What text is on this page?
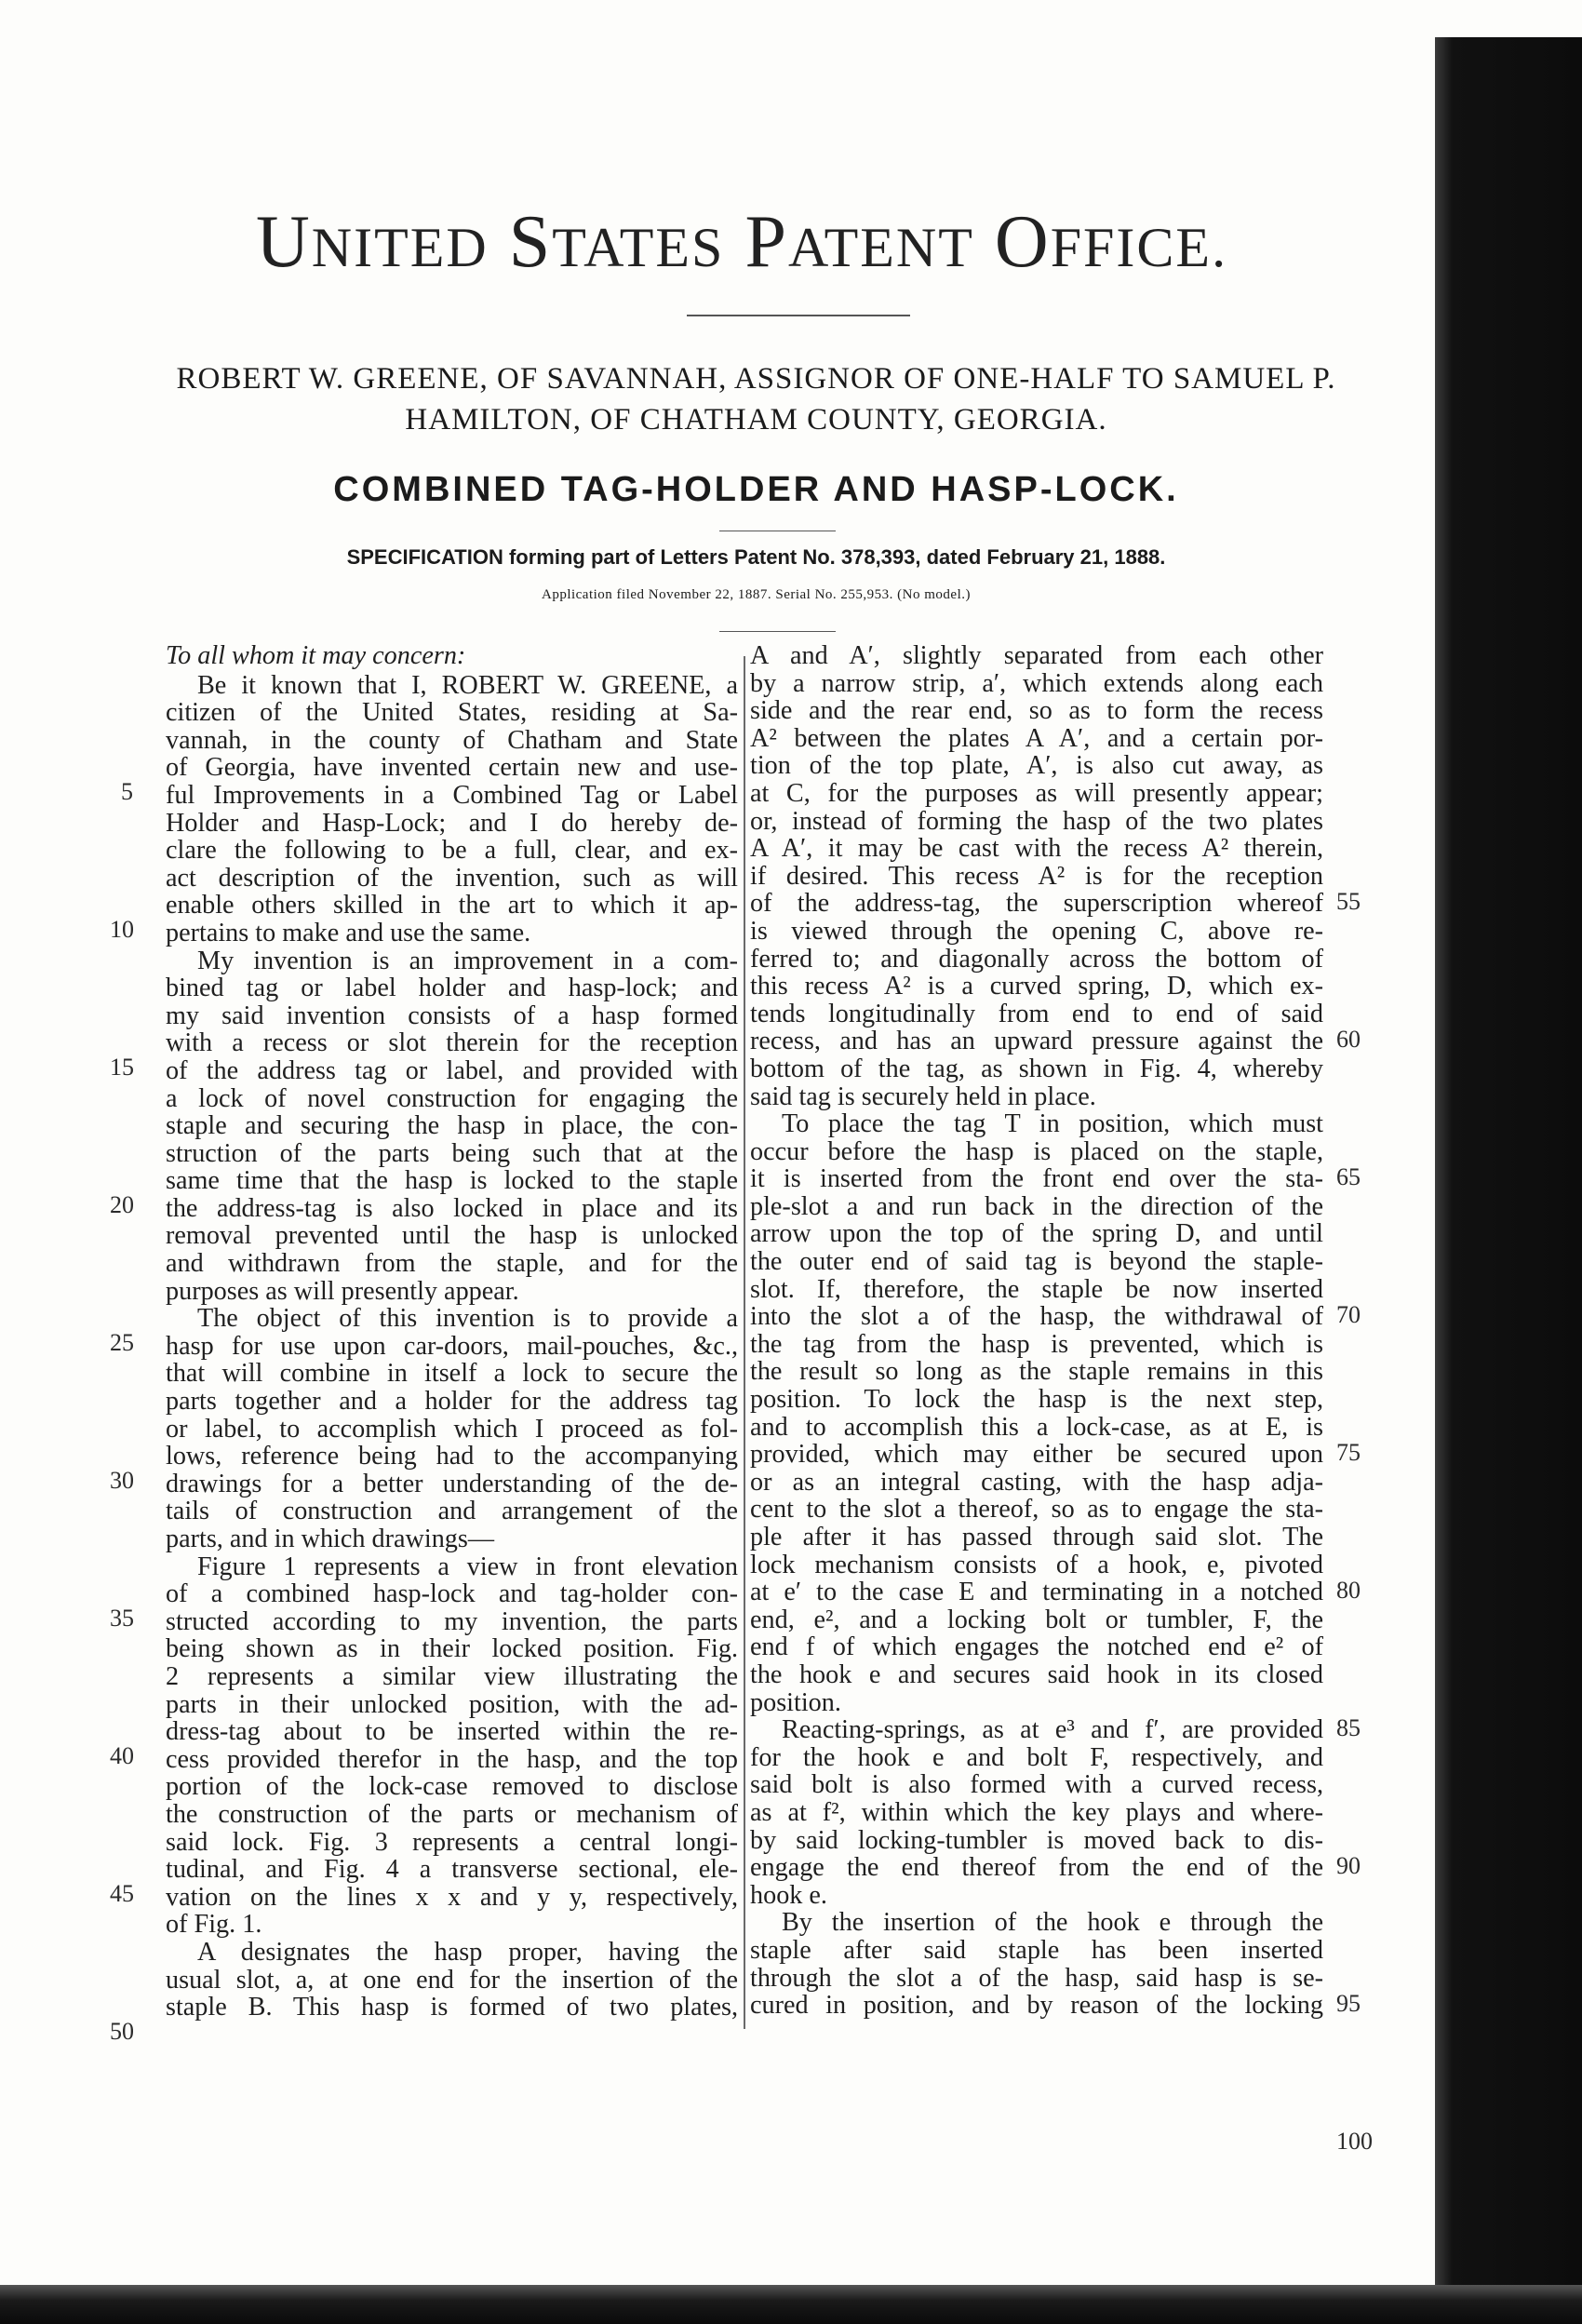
UNITED STATES PATENT OFFICE.
ROBERT W. GREENE, OF SAVANNAH, ASSIGNOR OF ONE-HALF TO SAMUEL P. HAMILTON, OF CHATHAM COUNTY, GEORGIA.
COMBINED TAG-HOLDER AND HASP-LOCK.
SPECIFICATION forming part of Letters Patent No. 378,393, dated February 21, 1888.
Application filed November 22, 1887. Serial No. 255,953. (No model.)
To all whom it may concern:
Be it known that I, ROBERT W. GREENE, a
citizen of the United States, residing at Sa-
vannah, in the county of Chatham and State
of Georgia, have invented certain new and use-
ful Improvements in a Combined Tag or Label
Holder and Hasp-Lock; and I do hereby de-
clare the following to be a full, clear, and ex-
act description of the invention, such as will
enable others skilled in the art to which it ap-
pertains to make and use the same.
My invention is an improvement in a com-
bined tag or label holder and hasp-lock; and
my said invention consists of a hasp formed
with a recess or slot therein for the reception
of the address tag or label, and provided with
a lock of novel construction for engaging the
staple and securing the hasp in place, the con-
struction of the parts being such that at the
same time that the hasp is locked to the staple
the address-tag is also locked in place and its
removal prevented until the hasp is unlocked
and withdrawn from the staple, and for the
purposes as will presently appear.
The object of this invention is to provide a
hasp for use upon car-doors, mail-pouches, &c.,
that will combine in itself a lock to secure the
parts together and a holder for the address tag
or label, to accomplish which I proceed as fol-
lows, reference being had to the accompanying
drawings for a better understanding of the de-
tails of construction and arrangement of the
parts, and in which drawings—
Figure 1 represents a view in front elevation
of a combined hasp-lock and tag-holder con-
structed according to my invention, the parts
being shown as in their locked position. Fig.
2 represents a similar view illustrating the
parts in their unlocked position, with the ad-
dress-tag about to be inserted within the re-
cess provided therefor in the hasp, and the top
portion of the lock-case removed to disclose
the construction of the parts or mechanism of
said lock. Fig. 3 represents a central longi-
tudinal, and Fig. 4 a transverse sectional, ele-
vation on the lines x x and y y, respectively,
of Fig. 1.
A designates the hasp proper, having the
usual slot, a, at one end for the insertion of the
staple B. This hasp is formed of two plates,
A and A′, slightly separated from each other
by a narrow strip, a′, which extends along each
side and the rear end, so as to form the recess
A² between the plates A A′, and a certain por-
tion of the top plate, A′, is also cut away, as
at C, for the purposes as will presently appear;
or, instead of forming the hasp of the two plates
A A′, it may be cast with the recess A² therein,
if desired. This recess A² is for the reception
of the address-tag, the superscription whereof
is viewed through the opening C, above re-
ferred to; and diagonally across the bottom of
this recess A² is a curved spring, D, which ex-
tends longitudinally from end to end of said
recess, and has an upward pressure against the
bottom of the tag, as shown in Fig. 4, whereby
said tag is securely held in place.
To place the tag T in position, which must
occur before the hasp is placed on the staple,
it is inserted from the front end over the sta-
ple-slot a and run back in the direction of the
arrow upon the top of the spring D, and until
the outer end of said tag is beyond the staple-
slot. If, therefore, the staple be now inserted
into the slot a of the hasp, the withdrawal of
the tag from the hasp is prevented, which is
the result so long as the staple remains in this
position. To lock the hasp is the next step,
and to accomplish this a lock-case, as at E, is
provided, which may either be secured upon
or as an integral casting, with the hasp adja-
cent to the slot a thereof, so as to engage the sta-
ple after it has passed through said slot. The
lock mechanism consists of a hook, e, pivoted
at e′ to the case E and terminating in a notched
end, e², and a locking bolt or tumbler, F, the
end f of which engages the notched end e² of
the hook e and secures said hook in its closed
position.
Reacting-springs, as at e³ and f′, are provided
for the hook e and bolt F, respectively, and
said bolt is also formed with a curved recess,
as at f², within which the key plays and where-
by said locking-tumbler is moved back to dis-
engage the end thereof from the end of the
hook e.
By the insertion of the hook e through the
staple after said staple has been inserted
through the slot a of the hasp, said hasp is se-
cured in position, and by reason of the locking
5
10
15
20
25
30
35
40
45
50
55
60
65
70
75
80
85
90
95
100
